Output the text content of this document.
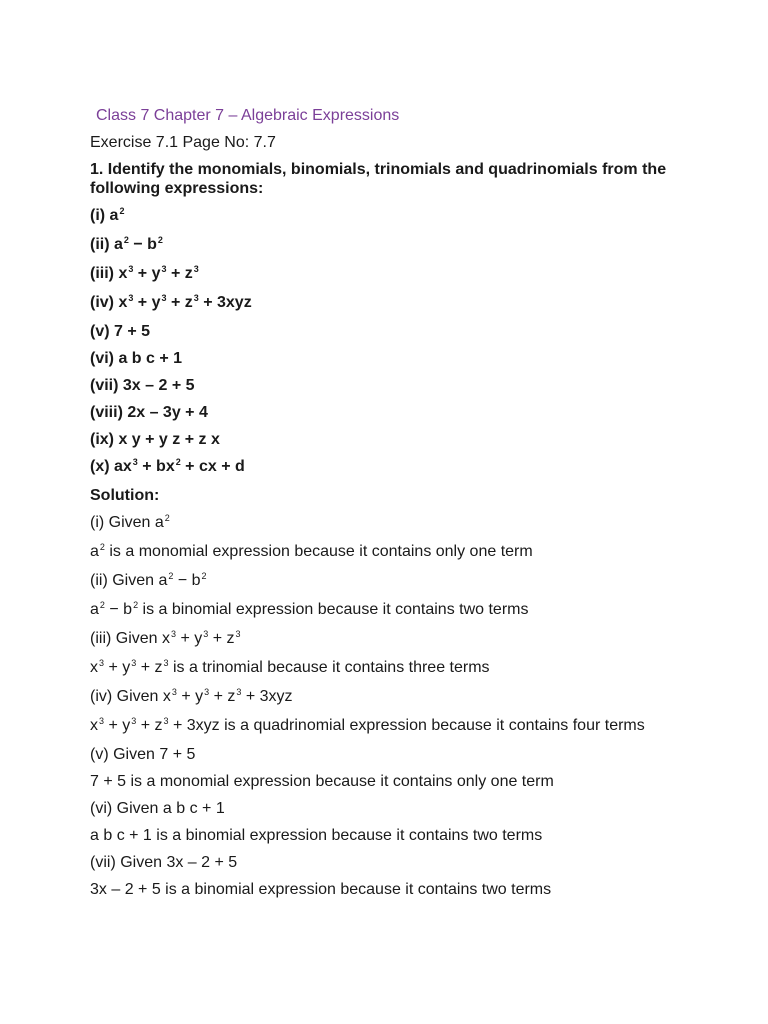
Class 7 Chapter 7 – Algebraic Expressions
Exercise 7.1 Page No: 7.7
1. Identify the monomials, binomials, trinomials and quadrinomials from the following expressions:
(i) $a^2$
(ii) $a^2 - b^2$
(iii) $x^3 + y^3 + z^3$
(iv) $x^3 + y^3 + z^3 + 3xyz$
(v) 7 + 5
(vi) a b c + 1
(vii) 3x – 2 + 5
(viii) 2x – 3y + 4
(ix) x y + y z + z x
(x) $ax^3 + bx^2$ + cx + d
Solution:
(i) Given $a^2$
$a^2$ is a monomial expression because it contains only one term
(ii) Given $a^2 - b^2$
$a^2 - b^2$ is a binomial expression because it contains two terms
(iii) Given $x^3 + y^3 + z^3$
$x^3 + y^3 + z^3$ is a trinomial because it contains three terms
(iv) Given $x^3 + y^3 + z^3 + 3xyz$
$x^3 + y^3 + z^3 + 3xyz$ is a quadrinomial expression because it contains four terms
(v) Given 7 + 5
7 + 5 is a monomial expression because it contains only one term
(vi) Given a b c + 1
a b c + 1 is a binomial expression because it contains two terms
(vii) Given 3x – 2 + 5
3x – 2 + 5 is a binomial expression because it contains two terms
